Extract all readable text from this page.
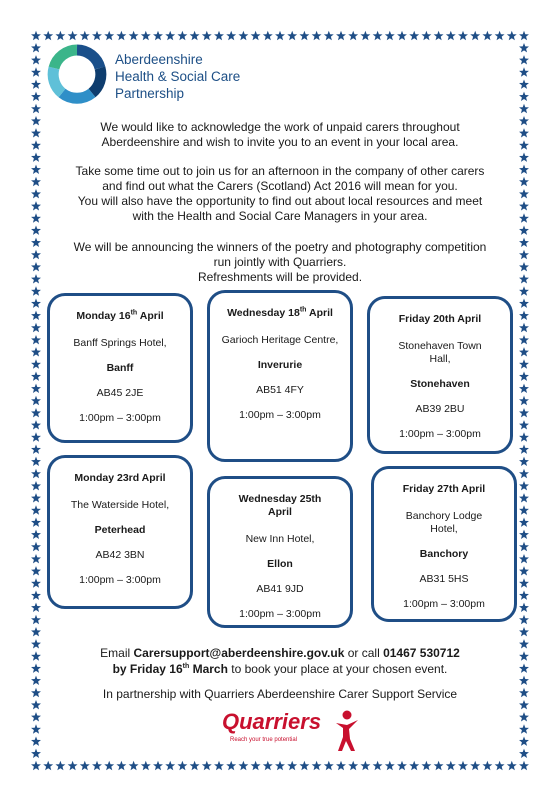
Aberdeenshire
Health & Social Care
Partnership
We would like to acknowledge the work of unpaid carers throughout
Aberdeenshire and wish to invite you to an event in your local area.
Take some time out to join us for an afternoon in the company of other carers
and find out what the Carers (Scotland) Act 2016 will mean for you.
You will also have the opportunity to find out about local resources and meet
with the Health and Social Care Managers in your area.
We will be announcing the winners of the poetry and photography competition
run jointly with Quarriers.
Refreshments will be provided.
Monday 16th April
Banff Springs Hotel,
Banff
AB45 2JE
1:00pm – 3:00pm
Wednesday 18th April
Garioch Heritage Centre,
Inverurie
AB51 4FY
1:00pm – 3:00pm
Friday 20th April
Stonehaven Town Hall,
Stonehaven
AB39 2BU
1:00pm – 3:00pm
Monday 23rd April
The Waterside Hotel,
Peterhead
AB42 3BN
1:00pm – 3:00pm
Wednesday 25th April
New Inn Hotel,
Ellon
AB41 9JD
1:00pm – 3:00pm
Friday 27th April
Banchory Lodge Hotel,
Banchory
AB31 5HS
1:00pm – 3:00pm
Email Carersupport@aberdeenshire.gov.uk or call 01467 530712
by Friday 16th March to book your place at your chosen event.
In partnership with Quarriers Aberdeenshire Carer Support Service
Quarriers
Reach your true potential
